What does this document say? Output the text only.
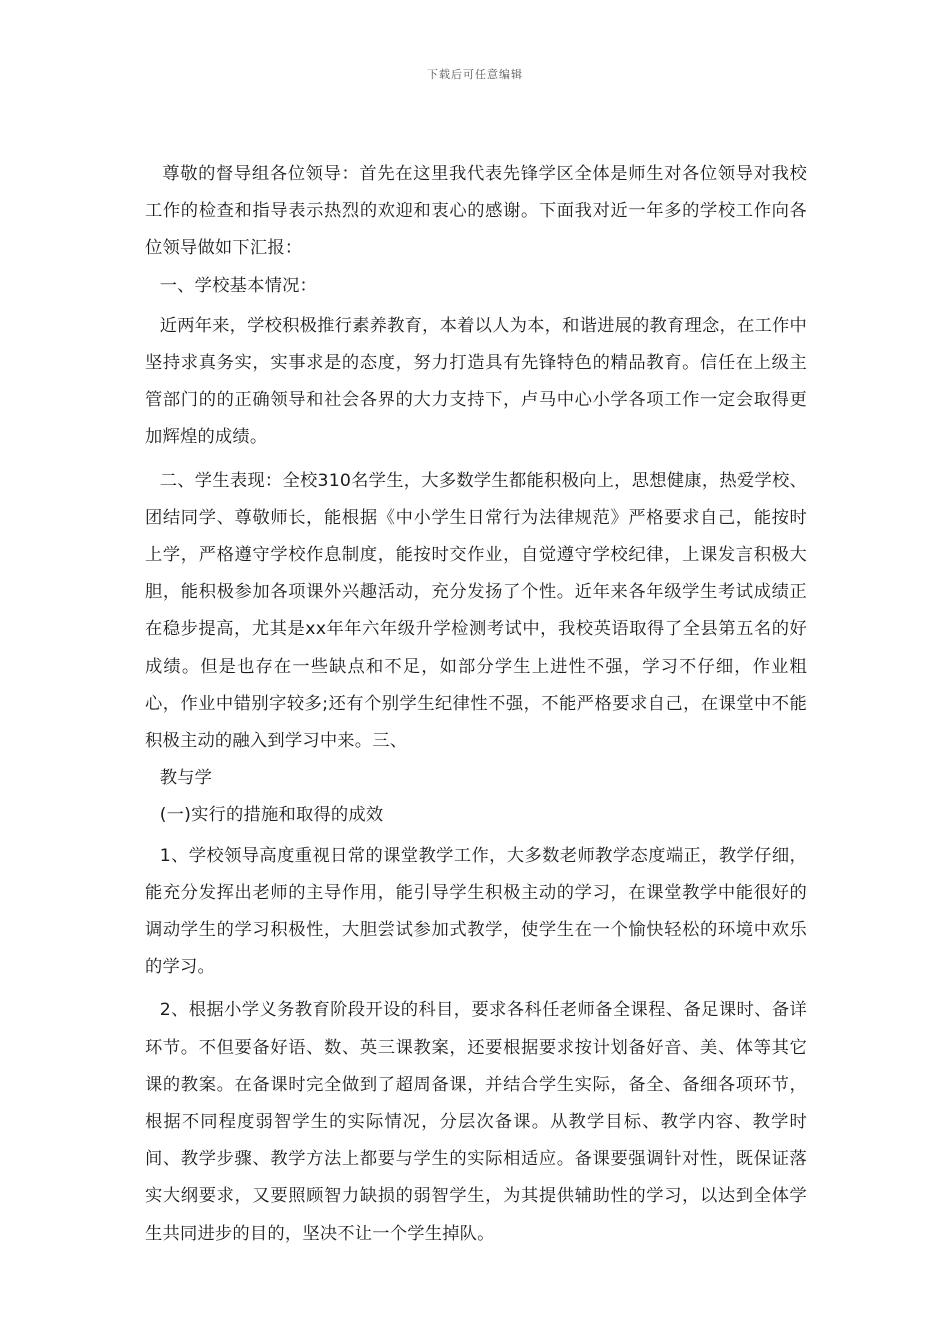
下载后可任意编辑

尊敬的督导组各位领导：首先在这里我代表先锋学区全体是师生对各位领导对我校工作的检查和指导表示热烈的欢迎和衷心的感谢。下面我对近一年多的学校工作向各位领导做如下汇报：

一、学校基本情况：

近两年来，学校积极推行素养教育，本着以人为本，和谐进展的教育理念，在工作中坚持求真务实，实事求是的态度，努力打造具有先锋特色的精品教育。信任在上级主管部门的的正确领导和社会各界的大力支持下，卢马中心小学各项工作一定会取得更加辉煌的成绩。

二、学生表现：全校310名学生，大多数学生都能积极向上，思想健康，热爱学校、团结同学、尊敬师长，能根据《中小学生日常行为法律规范》严格要求自己，能按时上学，严格遵守学校作息制度，能按时交作业，自觉遵守学校纪律，上课发言积极大胆，能积极参加各项课外兴趣活动，充分发扬了个性。近年来各年级学生考试成绩正在稳步提高，尤其是xx年年六年级升学检测考试中，我校英语取得了全县第五名的好成绩。但是也存在一些缺点和不足，如部分学生上进性不强，学习不仔细，作业粗心，作业中错别字较多;还有个别学生纪律性不强，不能严格要求自己，在课堂中不能积极主动的融入到学习中来。三、

教与学

(一)实行的措施和取得的成效

1、学校领导高度重视日常的课堂教学工作，大多数老师教学态度端正，教学仔细，能充分发挥出老师的主导作用，能引导学生积极主动的学习，在课堂教学中能很好的调动学生的学习积极性，大胆尝试参加式教学，使学生在一个愉快轻松的环境中欢乐的学习。

2、根据小学义务教育阶段开设的科目，要求各科任老师备全课程、备足课时、备详环节。不但要备好语、数、英三课教案，还要根据要求按计划备好音、美、体等其它课的教案。在备课时完全做到了超周备课，并结合学生实际，备全、备细各项环节，根据不同程度弱智学生的实际情况，分层次备课。从教学目标、教学内容、教学时间、教学步骤、教学方法上都要与学生的实际相适应。备课要强调针对性，既保证落实大纲要求，又要照顾智力缺损的弱智学生，为其提供辅助性的学习，以达到全体学生共同进步的目的，坚决不让一个学生掉队。
